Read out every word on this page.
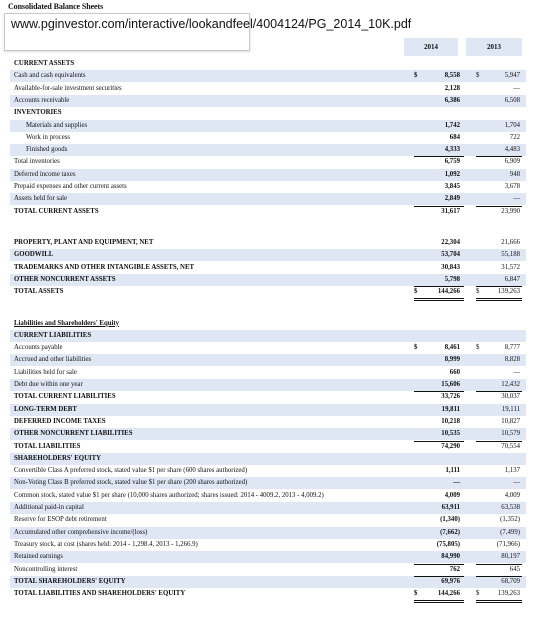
Consolidated Balance Sheets
2014	2013
CURRENT ASSETS
Cash and cash equivalents	$	8,558 $	5,947
Available-for-sale investment securities	2,128	—
Accounts receivable	6,386	6,508
INVENTORIES
Materials and supplies	1,742	1,704
Work in process	684	722
Finished goods	4,333	4,483
Total inventories	6,759	6,909
Deferred income taxes	1,092	948
Prepaid expenses and other current assets	3,845	3,678
Assets held for sale	2,849	—
TOTAL CURRENT ASSETS	31,617	23,990
PROPERTY, PLANT AND EQUIPMENT, NET	22,304	21,666
GOODWILL	53,704	55,188
TRADEMARKS AND OTHER INTANGIBLE ASSETS, NET	30,843	31,572
OTHER NONCURRENT ASSETS	5,798	6,847
TOTAL ASSETS	$	144,266 $	139,263
Liabilities and Shareholders' Equity
CURRENT LIABILITIES
Accounts payable	$	8,461 $	8,777
Accrued and other liabilities	8,999	8,828
Liabilities held for sale	660	—
Debt due within one year	15,606	12,432
TOTAL CURRENT LIABILITIES	33,726	30,037
LONG-TERM DEBT	19,811	19,111
DEFERRED INCOME TAXES	10,218	10,827
OTHER NONCURRENT LIABILITIES	10,535	10,579
TOTAL LIABILITIES	74,290	70,554
SHAREHOLDERS' EQUITY
Convertible Class A preferred stock, stated value $1 per share (600 shares authorized)	1,111	1,137
Non-Voting Class B preferred stock, stated value $1 per share (200 shares authorized)	—	—
Common stock, stated value $1 per share (10,000 shares authorized; shares issued: 2014 - 4009.2, 2013 - 4,009.2)	4,009	4,009
Additional paid-in capital	63,911	63,538
Reserve for ESOP debt retirement	(1,340)	(1,352)
Accumulated other comprehensive income/(loss)	(7,662)	(7,499)
Treasury stock, at cost (shares held: 2014 - 1,298.4, 2013 - 1,266.9)	(75,805)	(71,966)
Retained earnings	84,990	80,197
Noncontrolling interest	762	645
TOTAL SHAREHOLDERS' EQUITY	69,976	68,709
TOTAL LIABILITIES AND SHAREHOLDERS' EQUITY	$	144,266 $	139,263
www.pginvestor.com/interactive/lookandfeel/4004124/PG_2014_10K.pdf
